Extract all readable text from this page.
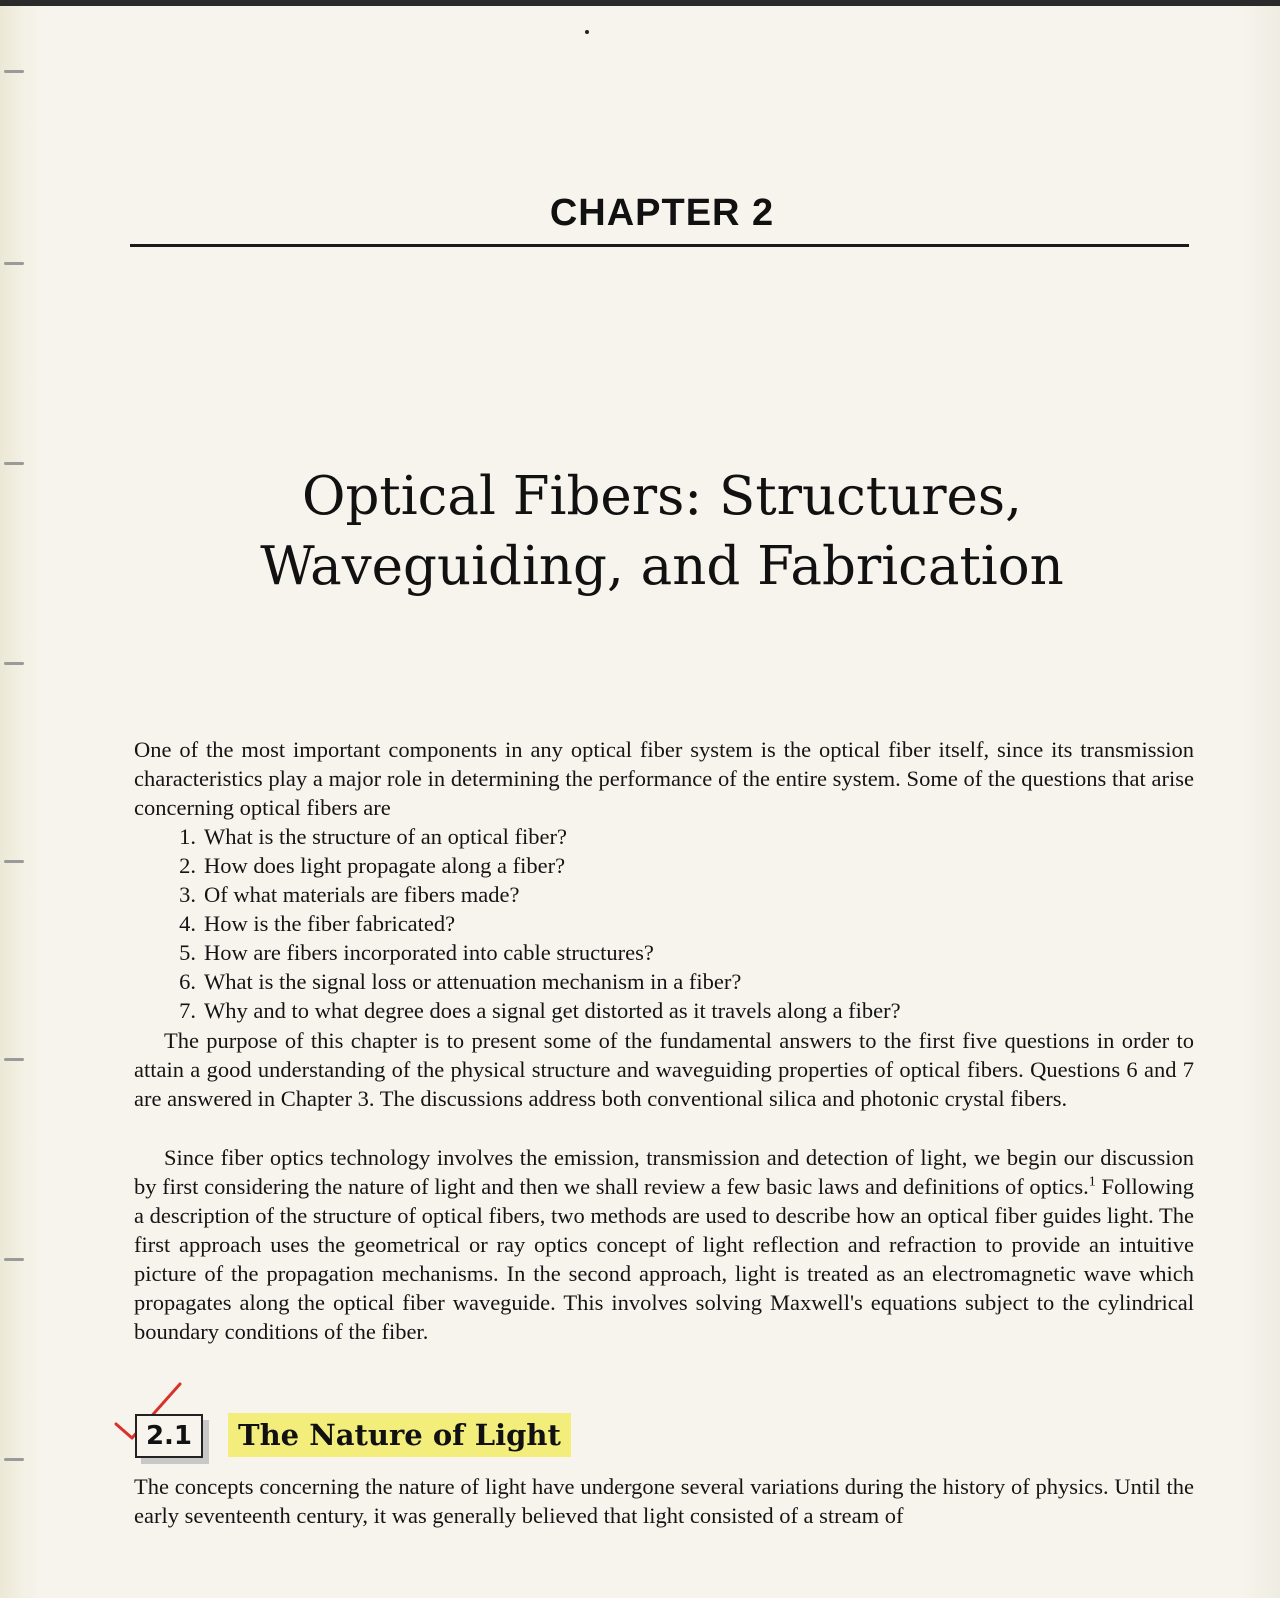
CHAPTER 2
Optical Fibers: Structures,
Waveguiding, and Fabrication

One of the most important components in any optical fiber system is the optical fiber itself, since its transmission characteristics play a major role in determining the performance of the entire system. Some of the questions that arise concerning optical fibers are

1. What is the structure of an optical fiber?
2. How does light propagate along a fiber?
3. Of what materials are fibers made?
4. How is the fiber fabricated?
5. How are fibers incorporated into cable structures?
6. What is the signal loss or attenuation mechanism in a fiber?
7. Why and to what degree does a signal get distorted as it travels along a fiber?

The purpose of this chapter is to present some of the fundamental answers to the first five questions in order to attain a good understanding of the physical structure and waveguiding properties of optical fibers. Questions 6 and 7 are answered in Chapter 3. The discussions address both conventional silica and photonic crystal fibers.

Since fiber optics technology involves the emission, transmission and detection of light, we begin our discussion by first considering the nature of light and then we shall review a few basic laws and definitions of optics.$^1$ Following a description of the structure of optical fibers, two methods are used to describe how an optical fiber guides light. The first approach uses the geometrical or ray optics concept of light reflection and refraction to provide an intuitive picture of the propagation mechanisms. In the second approach, light is treated as an electromagnetic wave which propagates along the optical fiber waveguide. This involves solving Maxwell's equations subject to the cylindrical boundary conditions of the fiber.

2.1	The Nature of Light

The concepts concerning the nature of light have undergone several variations during the history of physics. Until the early seventeenth century, it was generally believed that light consisted of a stream of
